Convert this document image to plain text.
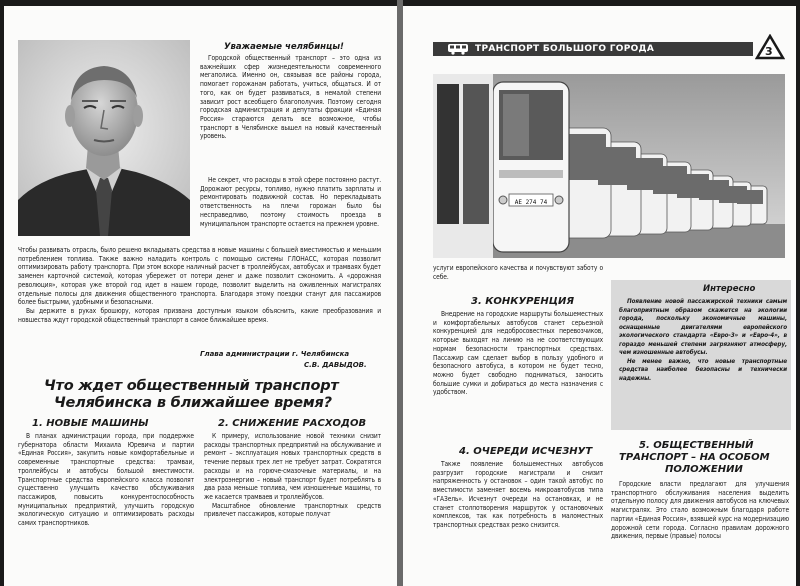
Уважаемые челябинцы!

Городской общественный транспорт – это одна из важнейших сфер жизнедеятельности современного мегаполиса. Именно он, связывая все районы города, помогает горожанам работать, учиться, общаться. И от того, как он будет развиваться, в немалой степени зависит рост всеобщего благополучия. Поэтому сегодня городская администрация и депутаты фракции «Единая Россия» стараются делать все возможное, чтобы транспорт в Челябинске вышел на новый качественный уровень.

Не секрет, что расходы в этой сфере постоянно растут. Дорожают ресурсы, топливо, нужно платить зарплаты и ремонтировать подвижной состав. Но перекладывать ответственность на плечи горожан было бы несправедливо, поэтому стоимость проезда в муниципальном транспорте остается на прежнем уровне.

Чтобы развивать отрасль, было решено вкладывать средства в новые машины с большей вместимостью и меньшим потреблением топлива. Также важно наладить контроль с помощью системы ГЛОНАСС, которая позволит оптимизировать работу транспорта. При этом вскоре наличный расчет в троллейбусах, автобусах и трамваях будет заменен карточной системой, которая убережет от потери денег и даже позволит сэкономить. А «дорожная революция», которая уже второй год идет в нашем городе, позволит выделить на оживленных магистралях отдельные полосы для движения общественного транспорта. Благодаря этому поездки станут для пассажиров более быстрыми, удобными и безопасными.

Вы держите в руках брошюру, которая призвана доступным языком объяснить, какие преобразования и новшества ждут городской общественный транспорт в самое ближайшее время.

Глава администрации г. Челябинска
С.В. ДАВЫДОВ.
Что ждет общественный транспорт
Челябинска в ближайшее время?
1. НОВЫЕ МАШИНЫ

В планах администрации города, при поддержке губернатора области Михаила Юревича и партии «Единая Россия», закупить новые комфортабельные и современные транспортные средства: трамваи, троллейбусы и автобусы большой вместимости. Транспортные средства европейского класса позволят существенно улучшить качество обслуживания пассажиров, повысить конкурентоспособность муниципальных предприятий, улучшить городскую экологическую ситуацию и оптимизировать расходы самих транспортников.

2. СНИЖЕНИЕ РАСХОДОВ

К примеру, использование новой техники снизит расходы транспортных предприятий на обслуживание и ремонт – эксплуатация новых транспортных средств в течение первых трех лет не требует затрат. Сократятся расходы и на горюче-смазочные материалы, и на электроэнергию – новый транспорт будет потреблять в два раза меньше топлива, чем изношенные машины, то же касается трамваев и троллейбусов.

Масштабное обновление транспортных средств привлечет пассажиров, которые получат

ТРАНСПОРТ БОЛЬШОГО ГОРОДА	3
АЕ 274 74

услуги европейского качества и почувствуют заботу о себе.

3. КОНКУРЕНЦИЯ

Внедрение на городские маршруты большеместных и комфортабельных автобусов станет серьезной конкуренцией для недобросовестных перевозчиков, которые выходят на линию на не соответствующих нормам безопасности транспортных средствах. Пассажир сам сделает выбор в пользу удобного и безопасного автобуса, в котором не будет тесно, можно будет свободно подниматься, заносить большие сумки и добираться до места назначения с удобством.

4. ОЧЕРЕДИ ИСЧЕЗНУТ

Также появление большеместных автобусов разгрузит городские магистрали и снизит напряженность у остановок – один такой автобус по вместимости заменяет восемь микроавтобусов типа «ГАЗель». Исчезнут очереди на остановках, и не станет столпотворения маршруток у остановочных комплексов, так как потребность в маломестных транспортных средствах резко снизится.

Интересно

Появление новой пассажирской техники самым благоприятным образом скажется на экологии города, поскольку экономичные машины, оснащенные двигателями европейского экологического стандарта «Евро-3» и «Евро-4», в гораздо меньшей степени загрязняют атмосферу, чем изношенные автобусы.

Не менее важно, что новые транспортные средства наиболее безопасны и технически надежны.

5. ОБЩЕСТВЕННЫЙ
ТРАНСПОРТ – НА ОСОБОМ
ПОЛОЖЕНИИ

Городские власти предлагают для улучшения транспортного обслуживания населения выделить отдельную полосу для движения автобусов на ключевых магистралях. Это стало возможным благодаря работе партии «Единая Россия», взявшей курс на модернизацию дорожной сети города. Согласно правилам дорожного движения, первые (правые) полосы
